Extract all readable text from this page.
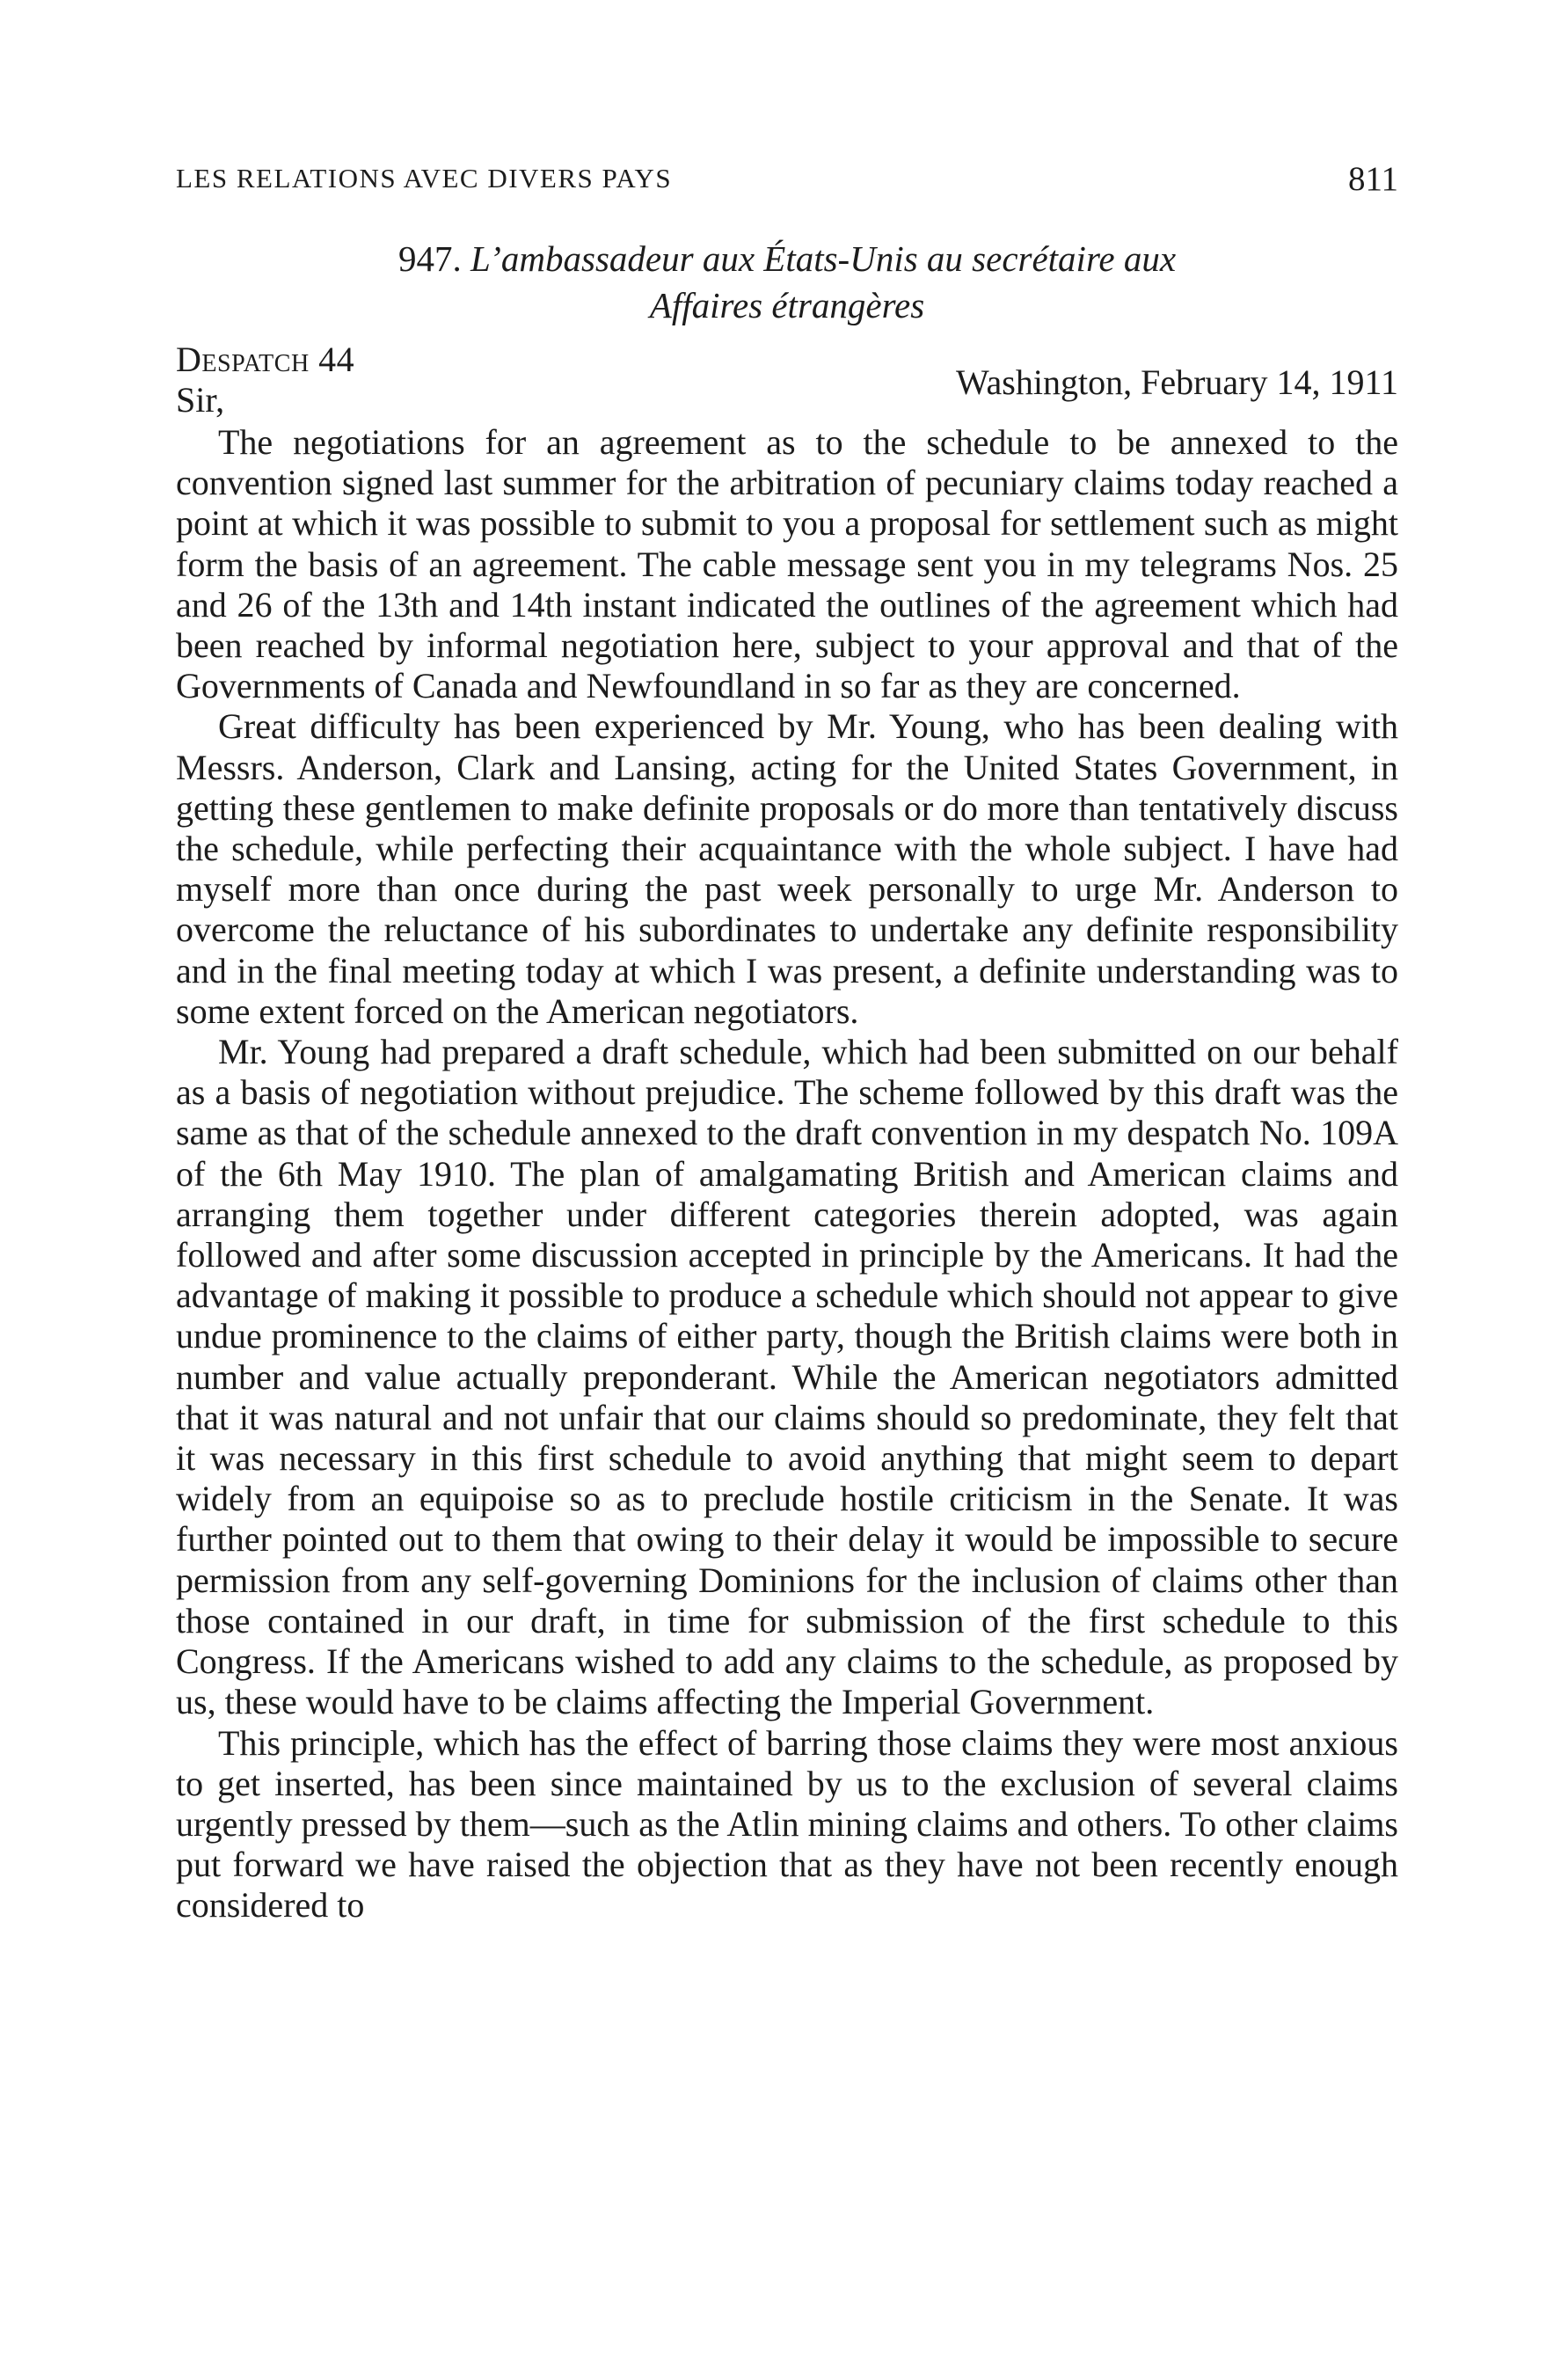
LES RELATIONS AVEC DIVERS PAYS	811
947. L’ambassadeur aux États-Unis au secrétaire aux
Affaires étrangères
Despatch 44
Washington, February 14, 1911
Sir,

The negotiations for an agreement as to the schedule to be annexed to the convention signed last summer for the arbitration of pecuniary claims today reached a point at which it was possible to submit to you a proposal for settlement such as might form the basis of an agreement. The cable message sent you in my telegrams Nos. 25 and 26 of the 13th and 14th instant indicated the outlines of the agreement which had been reached by informal negotiation here, subject to your approval and that of the Governments of Canada and Newfoundland in so far as they are concerned.

Great difficulty has been experienced by Mr. Young, who has been dealing with Messrs. Anderson, Clark and Lansing, acting for the United States Government, in getting these gentlemen to make definite proposals or do more than tentatively discuss the schedule, while perfecting their acquaintance with the whole subject. I have had myself more than once during the past week personally to urge Mr. Anderson to overcome the reluctance of his subordinates to undertake any definite responsibility and in the final meeting today at which I was present, a definite understanding was to some extent forced on the American negotiators.

Mr. Young had prepared a draft schedule, which had been submitted on our behalf as a basis of negotiation without prejudice. The scheme followed by this draft was the same as that of the schedule annexed to the draft convention in my despatch No. 109A of the 6th May 1910. The plan of amalgamating British and American claims and arranging them together under different categories therein adopted, was again followed and after some discussion accepted in principle by the Americans. It had the advantage of making it possible to produce a schedule which should not appear to give undue prominence to the claims of either party, though the British claims were both in number and value actually preponderant. While the American negotiators admitted that it was natural and not unfair that our claims should so predominate, they felt that it was necessary in this first schedule to avoid anything that might seem to depart widely from an equipoise so as to preclude hostile criticism in the Senate. It was further pointed out to them that owing to their delay it would be impossible to secure permission from any self-governing Dominions for the inclusion of claims other than those contained in our draft, in time for submission of the first schedule to this Congress. If the Americans wished to add any claims to the schedule, as proposed by us, these would have to be claims affecting the Imperial Government.

This principle, which has the effect of barring those claims they were most anxious to get inserted, has been since maintained by us to the exclusion of several claims urgently pressed by them—such as the Atlin mining claims and others. To other claims put forward we have raised the objection that as they have not been recently enough considered to
